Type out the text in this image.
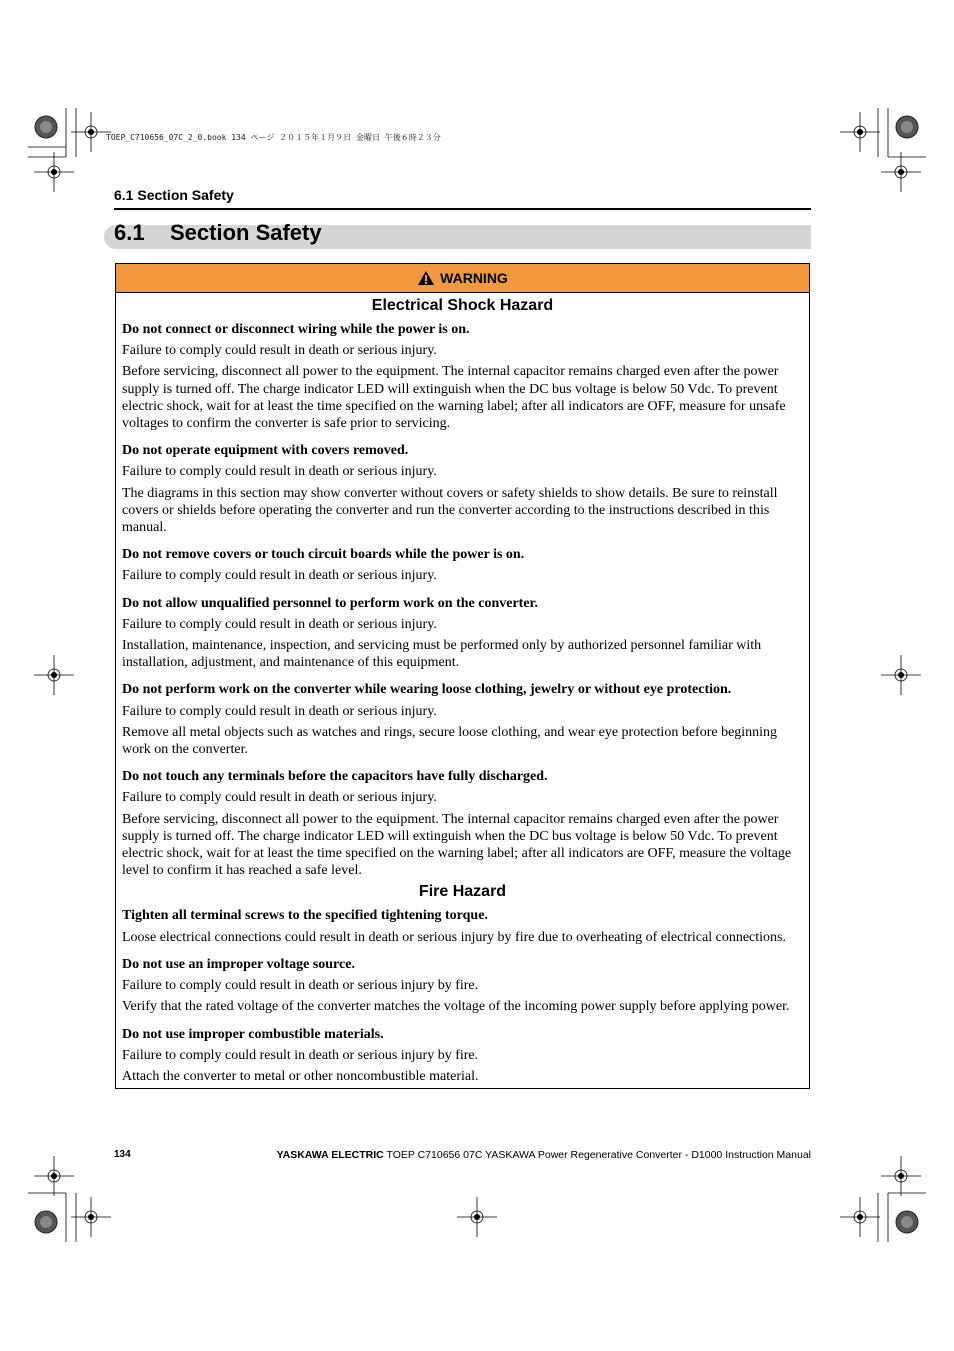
TOEP_C710656_07C_2_0.book 134 ページ ２０１５年１月９日 金曜日 午後６時２３分
6.1 Section Safety
6.1 Section Safety
WARNING
Electrical Shock Hazard
Do not connect or disconnect wiring while the power is on.
Failure to comply could result in death or serious injury.
Before servicing, disconnect all power to the equipment. The internal capacitor remains charged even after the power supply is turned off. The charge indicator LED will extinguish when the DC bus voltage is below 50 Vdc. To prevent electric shock, wait for at least the time specified on the warning label; after all indicators are OFF, measure for unsafe voltages to confirm the converter is safe prior to servicing.
Do not operate equipment with covers removed.
Failure to comply could result in death or serious injury.
The diagrams in this section may show converter without covers or safety shields to show details. Be sure to reinstall covers or shields before operating the converter and run the converter according to the instructions described in this manual.
Do not remove covers or touch circuit boards while the power is on.
Failure to comply could result in death or serious injury.
Do not allow unqualified personnel to perform work on the converter.
Failure to comply could result in death or serious injury.
Installation, maintenance, inspection, and servicing must be performed only by authorized personnel familiar with installation, adjustment, and maintenance of this equipment.
Do not perform work on the converter while wearing loose clothing, jewelry or without eye protection.
Failure to comply could result in death or serious injury.
Remove all metal objects such as watches and rings, secure loose clothing, and wear eye protection before beginning work on the converter.
Do not touch any terminals before the capacitors have fully discharged.
Failure to comply could result in death or serious injury.
Before servicing, disconnect all power to the equipment. The internal capacitor remains charged even after the power supply is turned off. The charge indicator LED will extinguish when the DC bus voltage is below 50 Vdc. To prevent electric shock, wait for at least the time specified on the warning label; after all indicators are OFF, measure the voltage level to confirm it has reached a safe level.
Fire Hazard
Tighten all terminal screws to the specified tightening torque.
Loose electrical connections could result in death or serious injury by fire due to overheating of electrical connections.
Do not use an improper voltage source.
Failure to comply could result in death or serious injury by fire.
Verify that the rated voltage of the converter matches the voltage of the incoming power supply before applying power.
Do not use improper combustible materials.
Failure to comply could result in death or serious injury by fire.
Attach the converter to metal or other noncombustible material.
134	YASKAWA ELECTRIC TOEP C710656 07C YASKAWA Power Regenerative Converter - D1000 Instruction Manual
